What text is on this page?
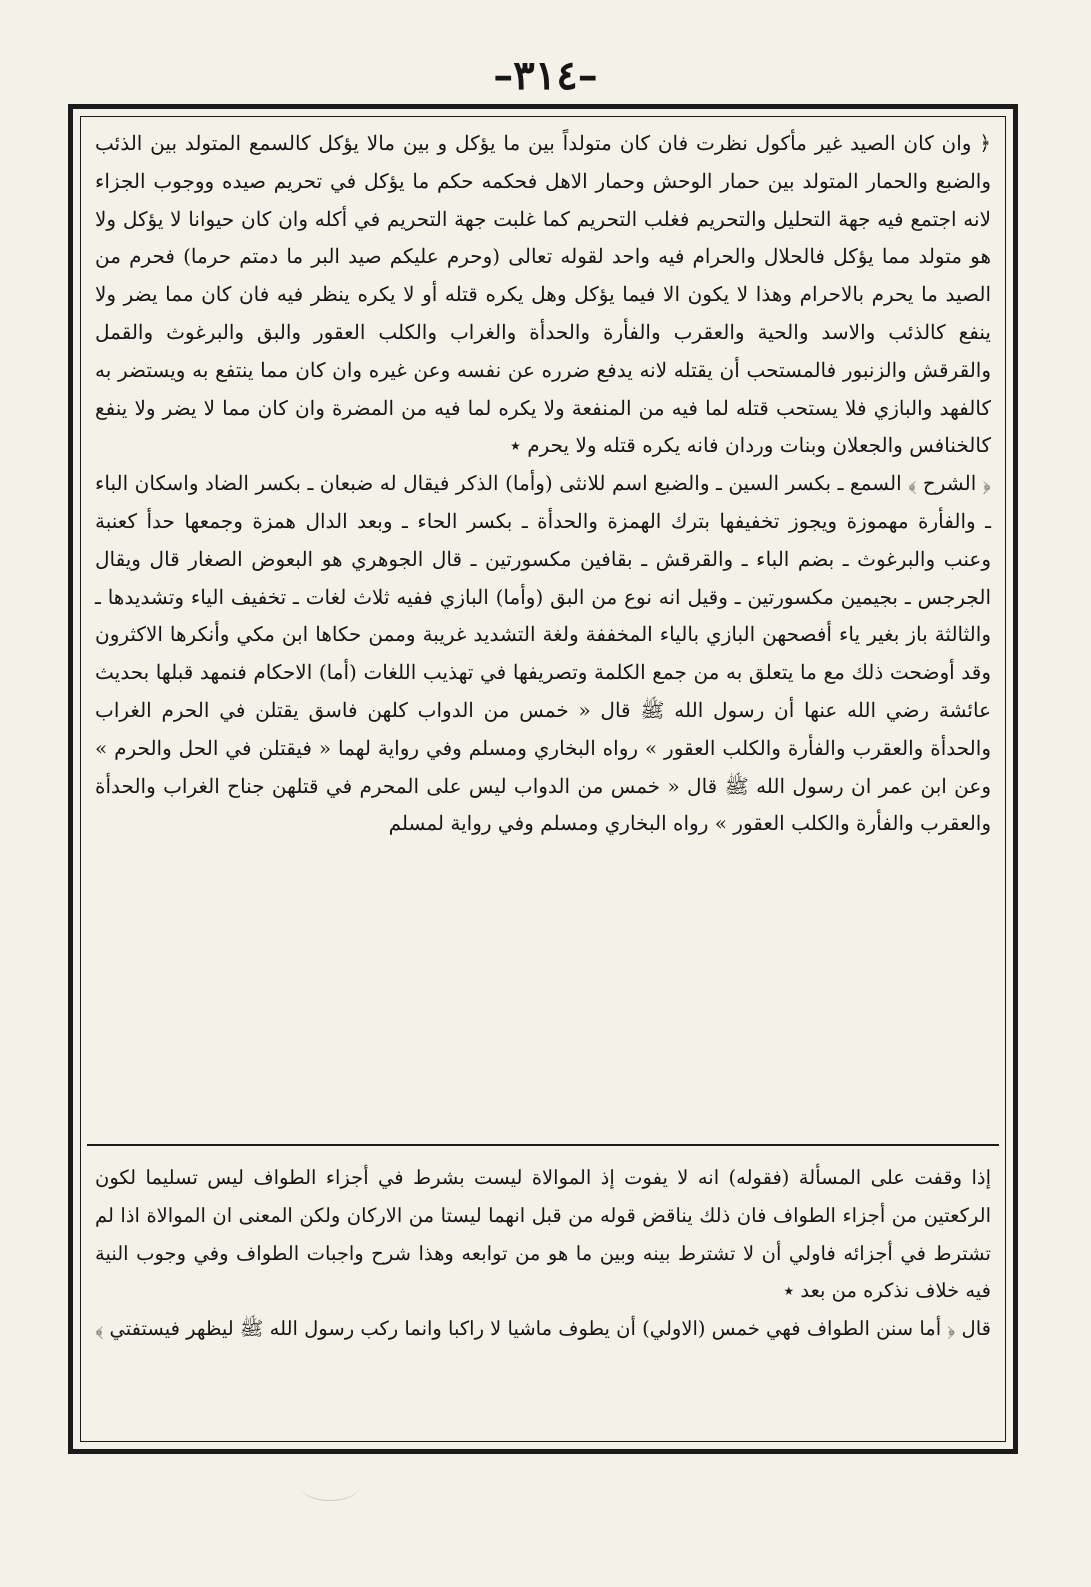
–٣١٤–

﴿ وان كان الصيد غير مأكول نظرت فان كان متولداً بين ما يؤكل و بين مالا يؤكل كالسمع المتولد بين الذئب والضبع والحمار المتولد بين حمار الوحش وحمار الاهل فحكمه حكم ما يؤكل في تحريم صيده ووجوب الجزاء لانه اجتمع فيه جهة التحليل والتحريم فغلب التحريم كما غلبت جهة التحريم في أكله وان كان حيوانا لا يؤكل ولا هو متولد مما يؤكل فالحلال والحرام فيه واحد لقوله تعالى (وحرم عليكم صيد البر ما دمتم حرما) فحرم من الصيد ما يحرم بالاحرام وهذا لا يكون الا فيما يؤكل وهل يكره قتله أو لا يكره ينظر فيه فان كان مما يضر ولا ينفع كالذئب والاسد والحية والعقرب والفأرة والحدأة والغراب والكلب العقور والبق والبرغوث والقمل والقرقش والزنبور فالمستحب أن يقتله لانه يدفع ضرره عن نفسه وعن غيره وان كان مما ينتفع به ويستضر به كالفهد والبازي فلا يستحب قتله لما فيه من المنفعة ولا يكره لما فيه من المضرة وان كان مما لا يضر ولا ينفع كالخنافس والجعلان وبنات وردان فانه يكره قتله ولا يحرم ٭

﴿ الشرح ﴾ السمع ـ بكسر السين ـ والضبع اسم للانثى (وأما) الذكر فيقال له ضبعان ـ بكسر الضاد واسكان الباء ـ والفأرة مهموزة ويجوز تخفيفها بترك الهمزة والحدأة ـ بكسر الحاء ـ وبعد الدال همزة وجمعها حدأ كعنبة وعنب والبرغوث ـ بضم الباء ـ والقرقش ـ بقافين مكسورتين ـ قال الجوهري هو البعوض الصغار قال ويقال الجرجس ـ بجيمين مكسورتين ـ وقيل انه نوع من البق (وأما) البازي ففيه ثلاث لغات ـ تخفيف الياء وتشديدها ـ والثالثة باز بغير ياء أفصحهن البازي بالياء المخففة ولغة التشديد غريبة وممن حكاها ابن مكي وأنكرها الاكثرون وقد أوضحت ذلك مع ما يتعلق به من جمع الكلمة وتصريفها في تهذيب اللغات (أما) الاحكام فنمهد قبلها بحديث عائشة رضي الله عنها أن رسول الله ﷺ قال « خمس من الدواب كلهن فاسق يقتلن في الحرم الغراب والحدأة والعقرب والفأرة والكلب العقور » رواه البخاري ومسلم وفي رواية لهما « فيقتلن في الحل والحرم » وعن ابن عمر ان رسول الله ﷺ قال « خمس من الدواب ليس على المحرم في قتلهن جناح الغراب والحدأة والعقرب والفأرة والكلب العقور » رواه البخاري ومسلم وفي رواية لمسلم

إذا وقفت على المسألة (فقوله) انه لا يفوت إذ الموالاة ليست بشرط في أجزاء الطواف ليس تسليما لكون الركعتين من أجزاء الطواف فان ذلك يناقض قوله من قبل انهما ليستا من الاركان ولكن المعنى ان الموالاة اذا لم تشترط في أجزائه فاولي أن لا تشترط بينه وبين ما هو من توابعه وهذا شرح واجبات الطواف وفي وجوب النية فيه خلاف نذكره من بعد ٭

قال ﴿ أما سنن الطواف فهي خمس (الاولي) أن يطوف ماشيا لا راكبا وانما ركب رسول الله ﷺ ليظهر فيستفتي ﴾
